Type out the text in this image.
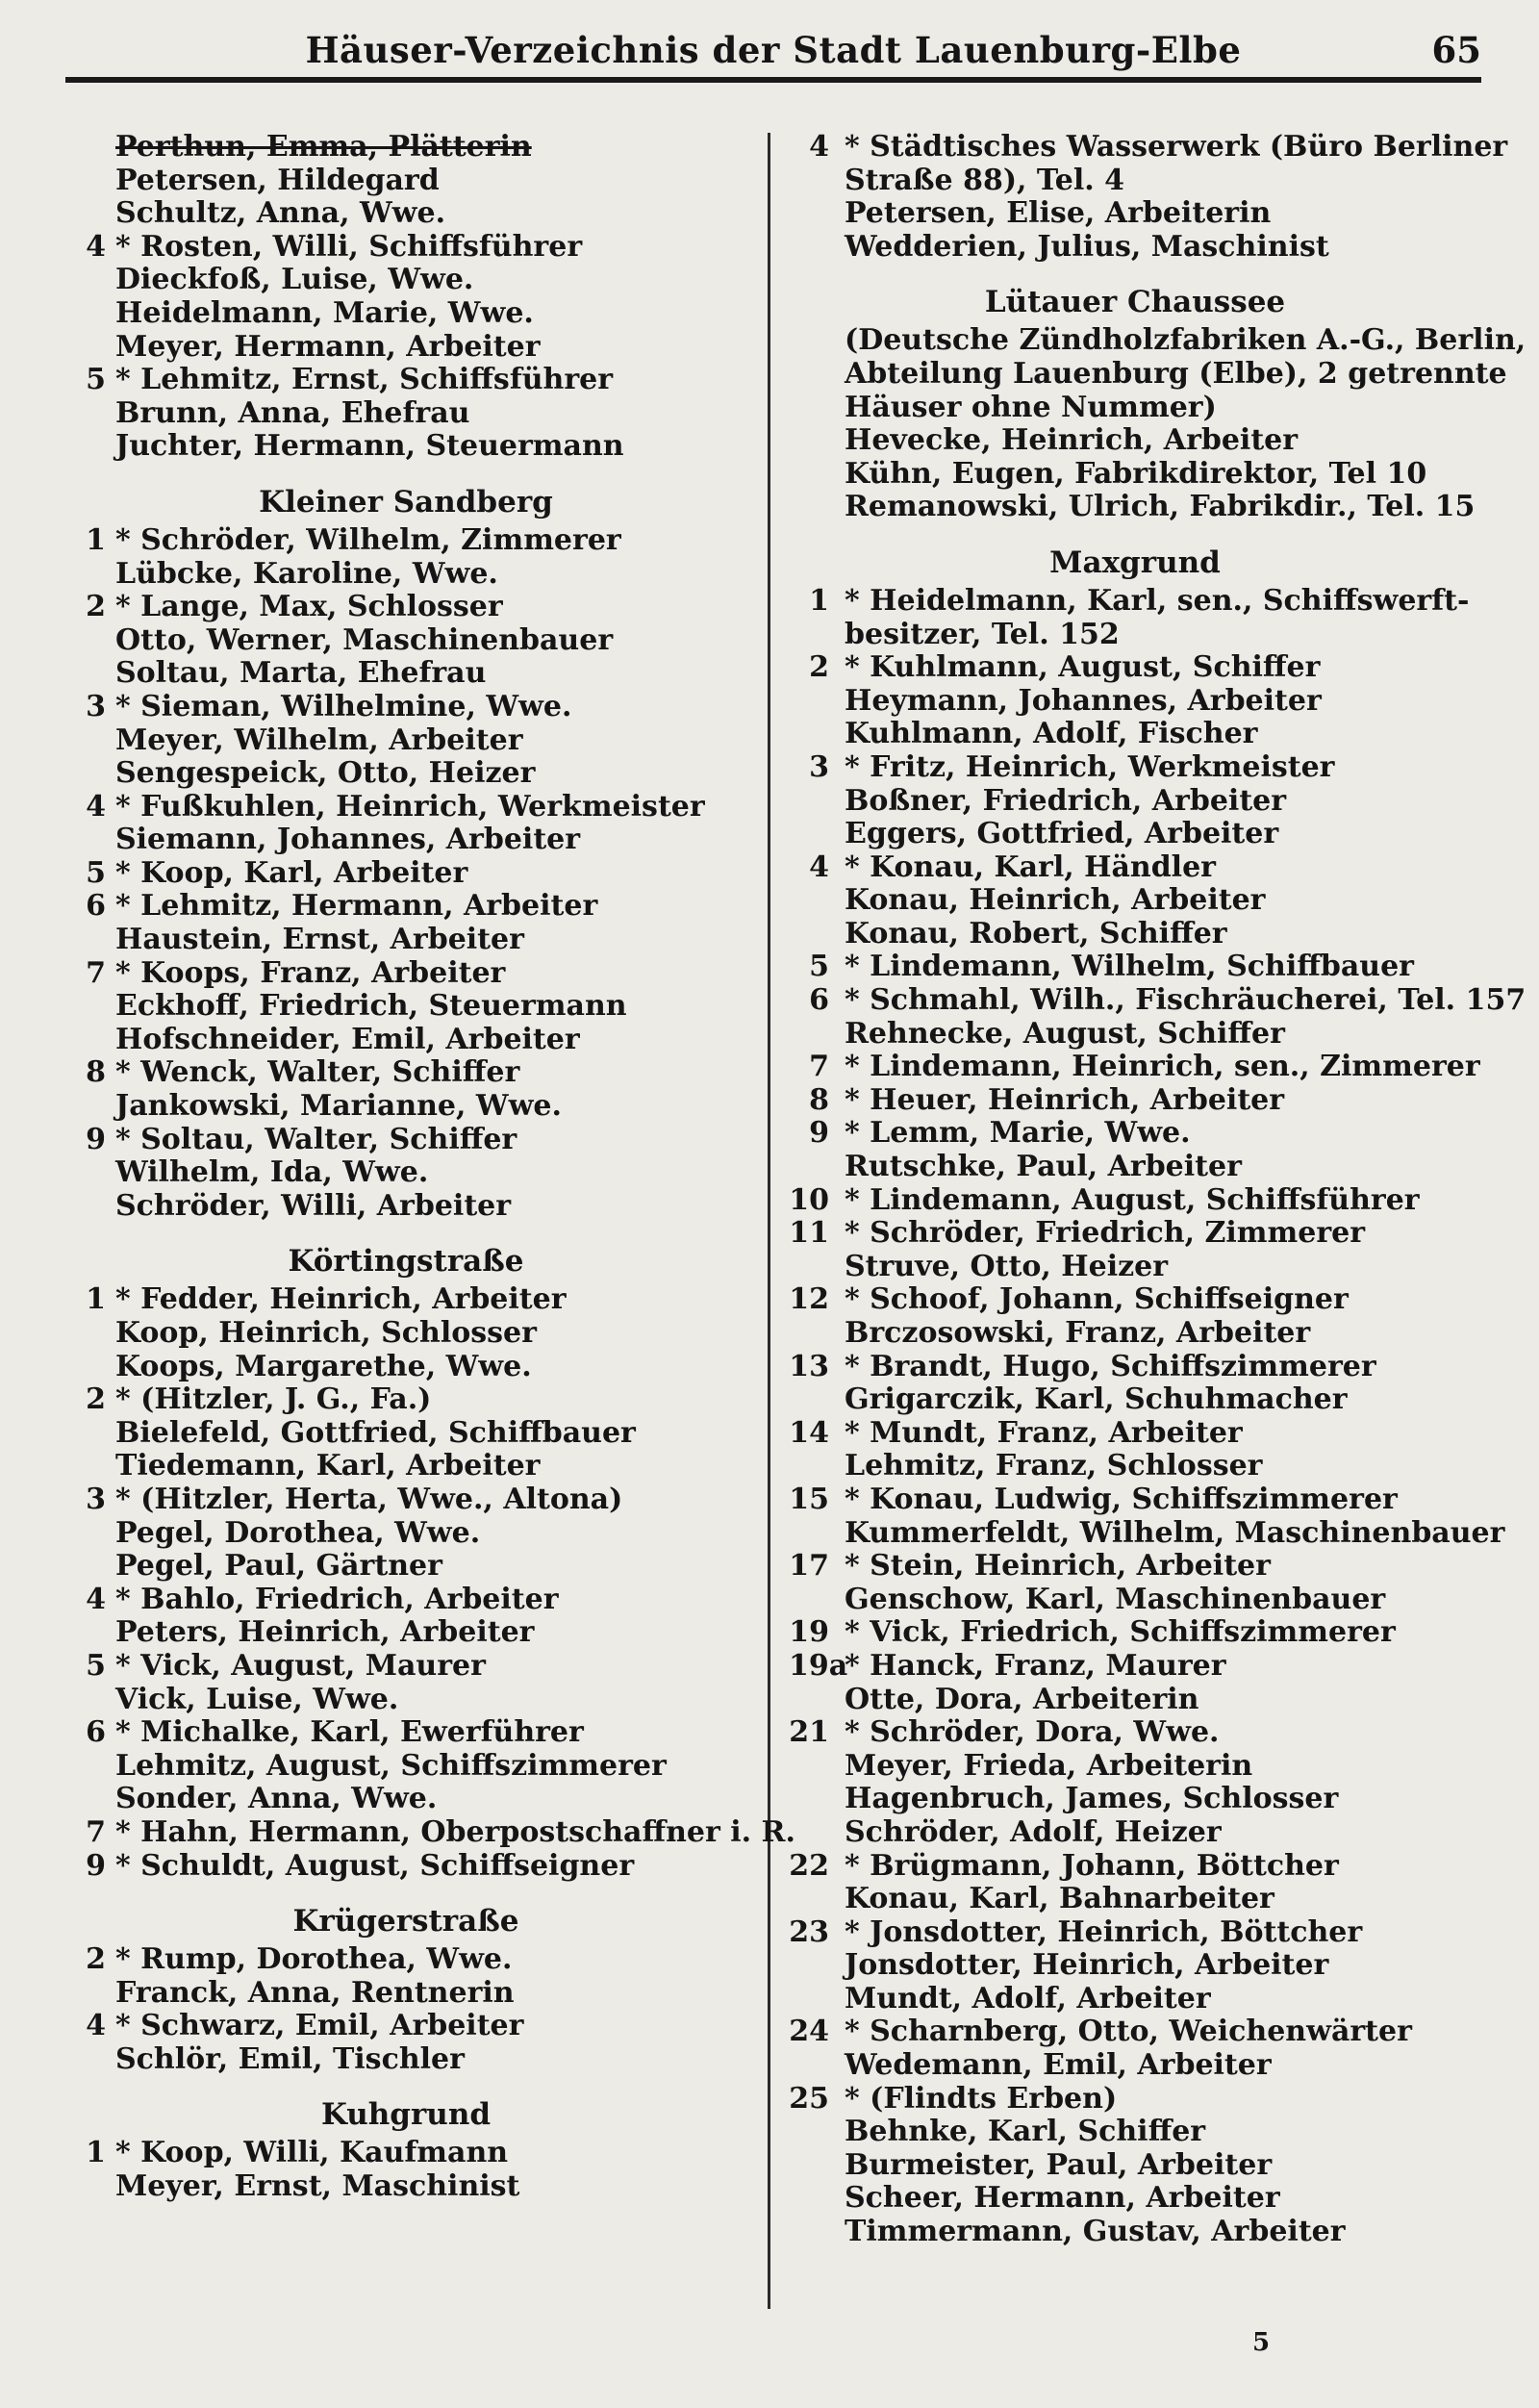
Häuser-Verzeichnis der Stadt Lauenburg-Elbe	65
Perthun, Emma, Plätterin
Petersen, Hildegard
Schultz, Anna, Wwe.
4 * Rosten, Willi, Schiffsführer
Dieckfoß, Luise, Wwe.
Heidelmann, Marie, Wwe.
Meyer, Hermann, Arbeiter
5 * Lehmitz, Ernst, Schiffsführer
Brunn, Anna, Ehefrau
Juchter, Hermann, Steuermann
Kleiner Sandberg
1 * Schröder, Wilhelm, Zimmerer
Lübcke, Karoline, Wwe.
2 * Lange, Max, Schlosser
Otto, Werner, Maschinenbauer
Soltau, Marta, Ehefrau
3 * Sieman, Wilhelmine, Wwe.
Meyer, Wilhelm, Arbeiter
Sengespeick, Otto, Heizer
4 * Fußkuhlen, Heinrich, Werkmeister
Siemann, Johannes, Arbeiter
5 * Koop, Karl, Arbeiter
6 * Lehmitz, Hermann, Arbeiter
Haustein, Ernst, Arbeiter
7 * Koops, Franz, Arbeiter
Eckhoff, Friedrich, Steuermann
Hofschneider, Emil, Arbeiter
8 * Wenck, Walter, Schiffer
Jankowski, Marianne, Wwe.
9 * Soltau, Walter, Schiffer
Wilhelm, Ida, Wwe.
Schröder, Willi, Arbeiter
Körtingstraße
1 * Fedder, Heinrich, Arbeiter
Koop, Heinrich, Schlosser
Koops, Margarethe, Wwe.
2 * (Hitzler, J. G., Fa.)
Bielefeld, Gottfried, Schiffbauer
Tiedemann, Karl, Arbeiter
3 * (Hitzler, Herta, Wwe., Altona)
Pegel, Dorothea, Wwe.
Pegel, Paul, Gärtner
4 * Bahlo, Friedrich, Arbeiter
Peters, Heinrich, Arbeiter
5 * Vick, August, Maurer
Vick, Luise, Wwe.
6 * Michalke, Karl, Ewerführer
Lehmitz, August, Schiffszimmerer
Sonder, Anna, Wwe.
7 * Hahn, Hermann, Oberpostschaffner i. R.
9 * Schuldt, August, Schiffseigner
Krügerstraße
2 * Rump, Dorothea, Wwe.
Franck, Anna, Rentnerin
4 * Schwarz, Emil, Arbeiter
Schlör, Emil, Tischler
Kuhgrund
1 * Koop, Willi, Kaufmann
Meyer, Ernst, Maschinist
4 * Städtisches Wasserwerk (Büro Berliner
Straße 88), Tel. 4
Petersen, Elise, Arbeiterin
Wedderien, Julius, Maschinist
Lütauer Chaussee
(Deutsche Zündholzfabriken A.-G., Berlin,
Abteilung Lauenburg (Elbe), 2 getrennte
Häuser ohne Nummer)
Hevecke, Heinrich, Arbeiter
Kühn, Eugen, Fabrikdirektor, Tel 10
Remanowski, Ulrich, Fabrikdir., Tel. 15
Maxgrund
1 * Heidelmann, Karl, sen., Schiffswerft-
besitzer, Tel. 152
2 * Kuhlmann, August, Schiffer
Heymann, Johannes, Arbeiter
Kuhlmann, Adolf, Fischer
3 * Fritz, Heinrich, Werkmeister
Boßner, Friedrich, Arbeiter
Eggers, Gottfried, Arbeiter
4 * Konau, Karl, Händler
Konau, Heinrich, Arbeiter
Konau, Robert, Schiffer
5 * Lindemann, Wilhelm, Schiffbauer
6 * Schmahl, Wilh., Fischräucherei, Tel. 157
Rehnecke, August, Schiffer
7 * Lindemann, Heinrich, sen., Zimmerer
8 * Heuer, Heinrich, Arbeiter
9 * Lemm, Marie, Wwe.
Rutschke, Paul, Arbeiter
10 * Lindemann, August, Schiffsführer
11 * Schröder, Friedrich, Zimmerer
Struve, Otto, Heizer
12 * Schoof, Johann, Schiffseigner
Brczosowski, Franz, Arbeiter
13 * Brandt, Hugo, Schiffszimmerer
Grigarczik, Karl, Schuhmacher
14 * Mundt, Franz, Arbeiter
Lehmitz, Franz, Schlosser
15 * Konau, Ludwig, Schiffszimmerer
Kummerfeldt, Wilhelm, Maschinenbauer
17 * Stein, Heinrich, Arbeiter
Genschow, Karl, Maschinenbauer
19 * Vick, Friedrich, Schiffszimmerer
19a
* Hanck, Franz, Maurer
Otte, Dora, Arbeiterin
21 * Schröder, Dora, Wwe.
Meyer, Frieda, Arbeiterin
Hagenbruch, James, Schlosser
Schröder, Adolf, Heizer
22 * Brügmann, Johann, Böttcher
Konau, Karl, Bahnarbeiter
23 * Jonsdotter, Heinrich, Böttcher
Jonsdotter, Heinrich, Arbeiter
Mundt, Adolf, Arbeiter
24 * Scharnberg, Otto, Weichenwärter
Wedemann, Emil, Arbeiter
25 * (Flindts Erben)
Behnke, Karl, Schiffer
Burmeister, Paul, Arbeiter
Scheer, Hermann, Arbeiter
Timmermann, Gustav, Arbeiter
5
